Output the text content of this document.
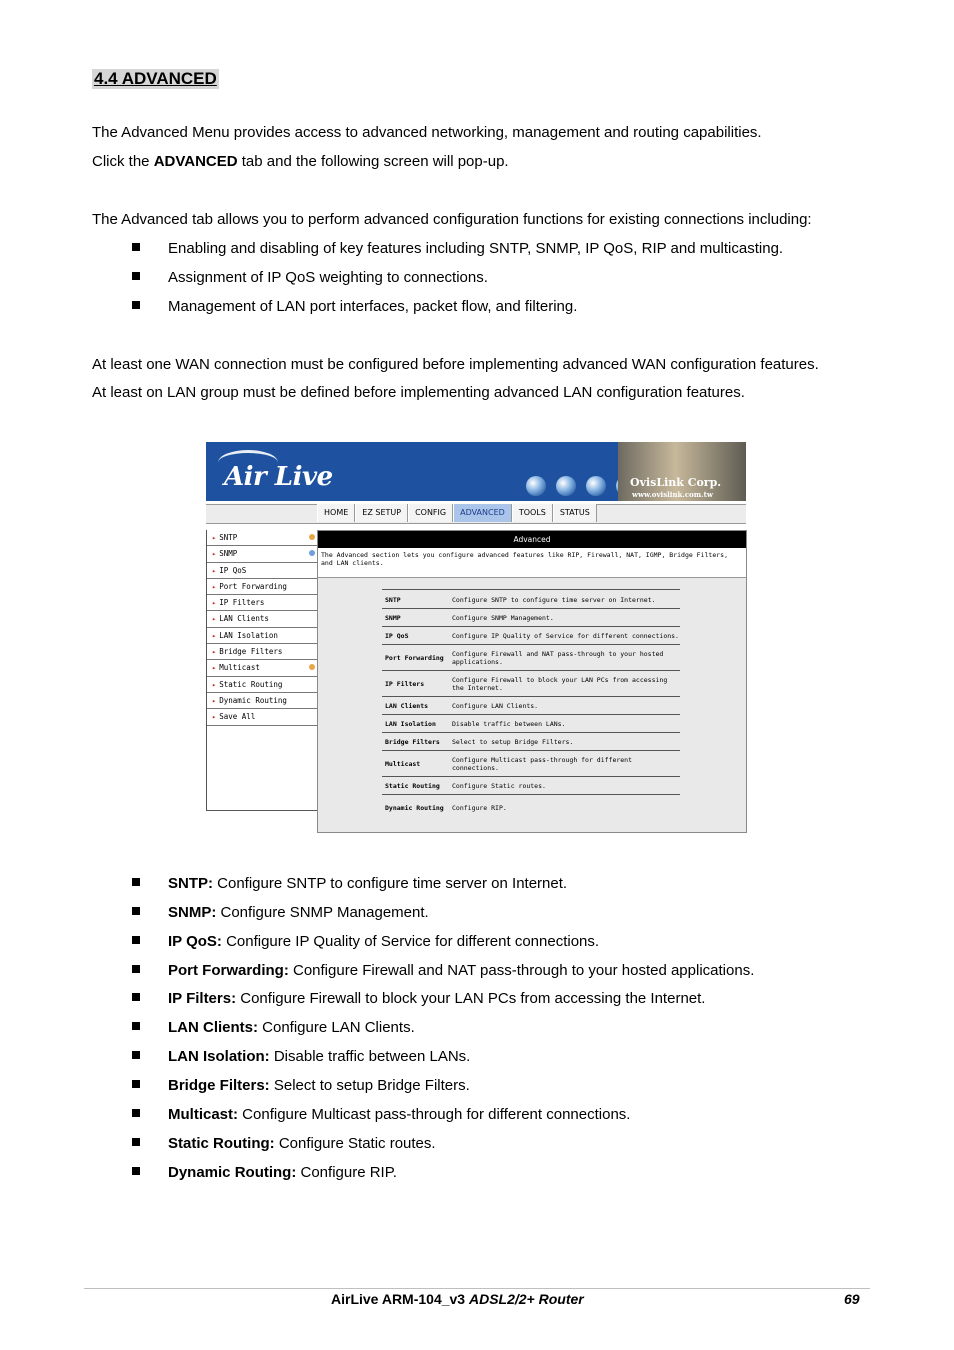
4.4 ADVANCED
The Advanced Menu provides access to advanced networking, management and routing capabilities.
Click the ADVANCED tab and the following screen will pop-up.
The Advanced tab allows you to perform advanced configuration functions for existing connections including:
Enabling and disabling of key features including SNTP, SNMP, IP QoS, RIP and multicasting.
Assignment of IP QoS weighting to connections.
Management of LAN port interfaces, packet flow, and filtering.
At least one WAN connection must be configured before implementing advanced WAN configuration features.
At least on LAN group must be defined before implementing advanced LAN configuration features.
Air Live	OvisLink Corp.
www.ovislink.com.tw
HOME	EZ SETUP	CONFIG	ADVANCED	TOOLS	STATUS
▸ SNTP
▸ SNMP
▸ IP QoS
▸ Port Forwarding
▸ IP Filters
▸ LAN Clients
▸ LAN Isolation
▸ Bridge Filters
▸ Multicast
▸ Static Routing
▸ Dynamic Routing
▸ Save All
Advanced
The Advanced section lets you configure advanced features like RIP, Firewall, NAT, IGMP, Bridge Filters, and LAN clients.
SNTP	Configure SNTP to configure time server on Internet.
SNMP	Configure SNMP Management.
IP QoS	Configure IP Quality of Service for different connections.
Port Forwarding	Configure Firewall and NAT pass-through to your hosted applications.
IP Filters	Configure Firewall to block your LAN PCs from accessing the Internet.
LAN Clients	Configure LAN Clients.
LAN Isolation	Disable traffic between LANs.
Bridge Filters	Select to setup Bridge Filters.
Multicast	Configure Multicast pass-through for different connections.
Static Routing	Configure Static routes.
Dynamic Routing	Configure RIP.
SNTP: Configure SNTP to configure time server on Internet.
SNMP: Configure SNMP Management.
IP QoS: Configure IP Quality of Service for different connections.
Port Forwarding: Configure Firewall and NAT pass-through to your hosted applications.
IP Filters: Configure Firewall to block your LAN PCs from accessing the Internet.
LAN Clients: Configure LAN Clients.
LAN Isolation: Disable traffic between LANs.
Bridge Filters: Select to setup Bridge Filters.
Multicast: Configure Multicast pass-through for different connections.
Static Routing: Configure Static routes.
Dynamic Routing: Configure RIP.
AirLive ARM-104_v3 ADSL2/2+ Router	69
